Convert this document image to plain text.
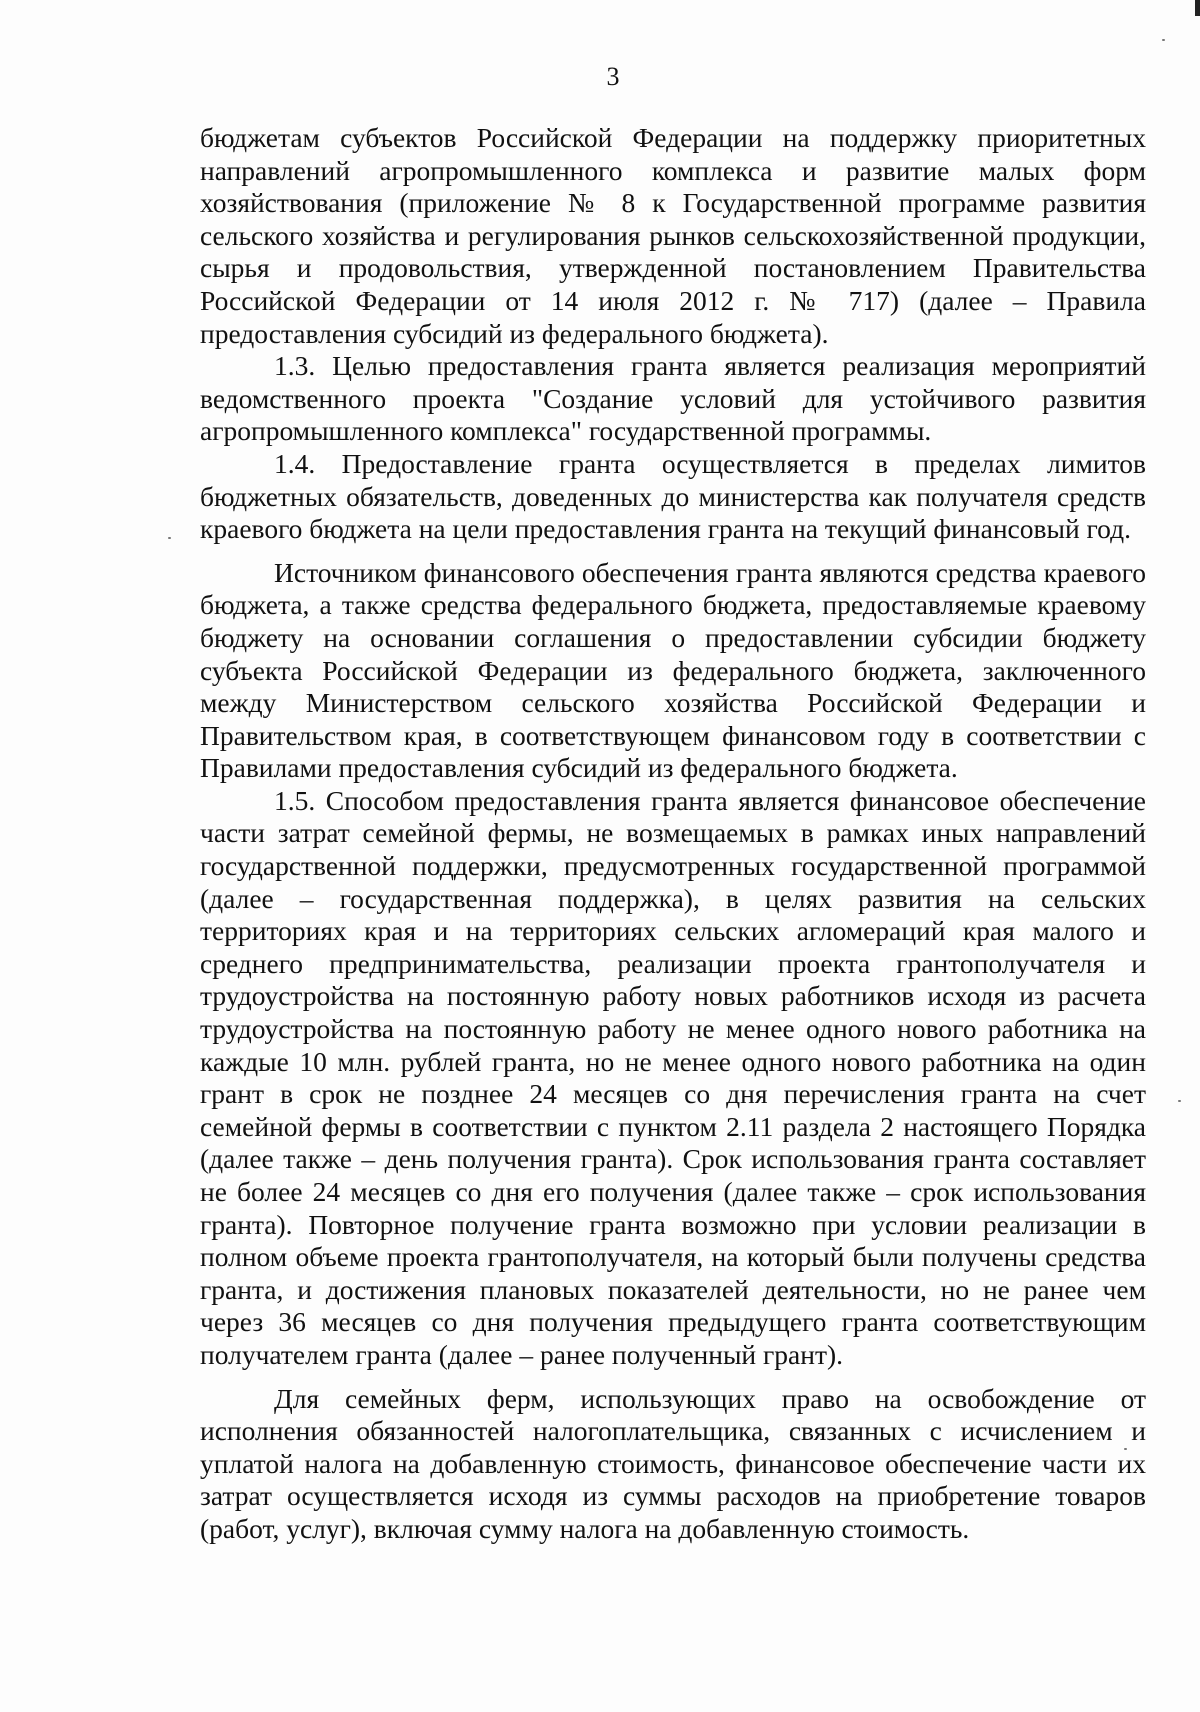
3

бюджетам субъектов Российской Федерации на поддержку приоритетных направлений агропромышленного комплекса и развитие малых форм хозяйствования (приложение № 8 к Государственной программе развития сельского хозяйства и регулирования рынков сельскохозяйственной продукции, сырья и продовольствия, утвержденной постановлением Правительства Российской Федерации от 14 июля 2012 г. № 717) (далее – Правила предоставления субсидий из федерального бюджета).

1.3. Целью предоставления гранта является реализация мероприятий ведомственного проекта "Создание условий для устойчивого развития агропромышленного комплекса" государственной программы.

1.4. Предоставление гранта осуществляется в пределах лимитов бюджетных обязательств, доведенных до министерства как получателя средств краевого бюджета на цели предоставления гранта на текущий финансовый год.

Источником финансового обеспечения гранта являются средства краевого бюджета, а также средства федерального бюджета, предоставляемые краевому бюджету на основании соглашения о предоставлении субсидии бюджету субъекта Российской Федерации из федерального бюджета, заключенного между Министерством сельского хозяйства Российской Федерации и Правительством края, в соответствующем финансовом году в соответствии с Правилами предоставления субсидий из федерального бюджета.

1.5. Способом предоставления гранта является финансовое обеспечение части затрат семейной фермы, не возмещаемых в рамках иных направлений государственной поддержки, предусмотренных государственной программой (далее – государственная поддержка), в целях развития на сельских территориях края и на территориях сельских агломераций края малого и среднего предпринимательства, реализации проекта грантополучателя и трудоустройства на постоянную работу новых работников исходя из расчета трудоустройства на постоянную работу не менее одного нового работника на каждые 10 млн. рублей гранта, но не менее одного нового работника на один грант в срок не позднее 24 месяцев со дня перечисления гранта на счет семейной фермы в соответствии с пунктом 2.11 раздела 2 настоящего Порядка (далее также – день получения гранта). Срок использования гранта составляет не более 24 месяцев со дня его получения (далее также – срок использования гранта). Повторное получение гранта возможно при условии реализации в полном объеме проекта грантополучателя, на который были получены средства гранта, и достижения плановых показателей деятельности, но не ранее чем через 36 месяцев со дня получения предыдущего гранта соответствующим получателем гранта (далее – ранее полученный грант).

Для семейных ферм, использующих право на освобождение от исполнения обязанностей налогоплательщика, связанных с исчислением и уплатой налога на добавленную стоимость, финансовое обеспечение части их затрат осуществляется исходя из суммы расходов на приобретение товаров (работ, услуг), включая сумму налога на добавленную стоимость.
